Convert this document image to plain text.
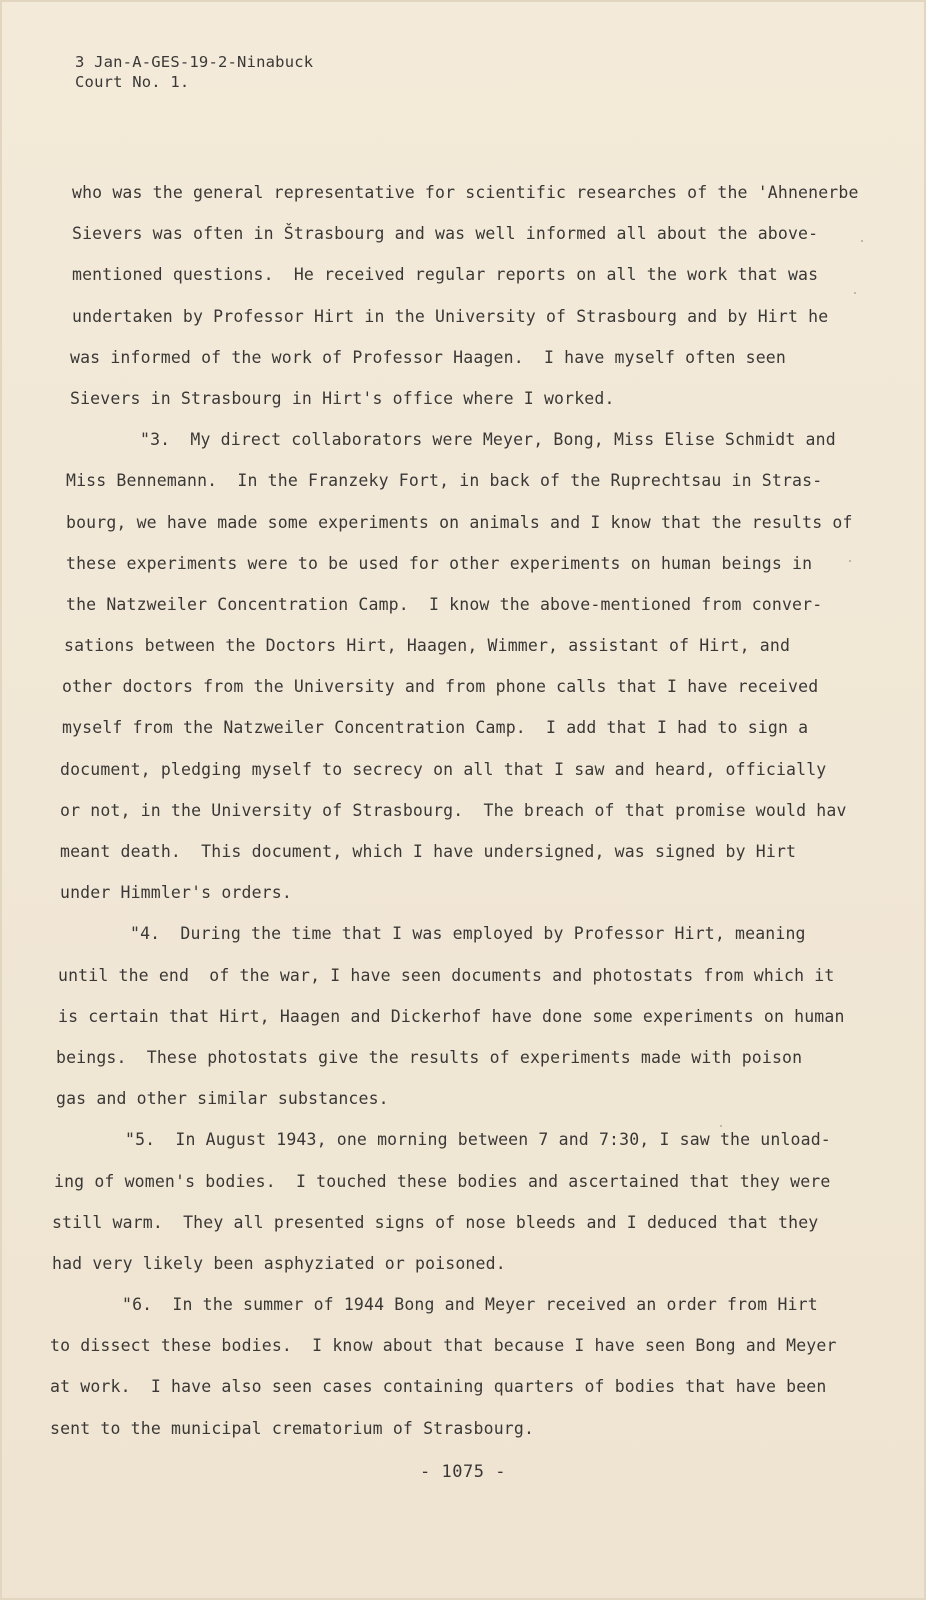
3 Jan-A-GES-19-2-Ninabuck
Court No. 1.
who was the general representative for scientific researches of the 'Ahnenerbe
Sievers was often in Štrasbourg and was well informed all about the above-
mentioned questions.  He received regular reports on all the work that was
undertaken by Professor Hirt in the University of Strasbourg and by Hirt he
was informed of the work of Professor Haagen.  I have myself often seen
Sievers in Strasbourg in Hirt's office where I worked.
"3.  My direct collaborators were Meyer, Bong, Miss Elise Schmidt and
Miss Bennemann.  In the Franzeky Fort, in back of the Ruprechtsau in Stras-
bourg, we have made some experiments on animals and I know that the results of
these experiments were to be used for other experiments on human beings in
the Natzweiler Concentration Camp.  I know the above-mentioned from conver-
sations between the Doctors Hirt, Haagen, Wimmer, assistant of Hirt, and
other doctors from the University and from phone calls that I have received
myself from the Natzweiler Concentration Camp.  I add that I had to sign a
document, pledging myself to secrecy on all that I saw and heard, officially
or not, in the University of Strasbourg.  The breach of that promise would hav
meant death.  This document, which I have undersigned, was signed by Hirt
under Himmler's orders.
"4.  During the time that I was employed by Professor Hirt, meaning
until the end  of the war, I have seen documents and photostats from which it
is certain that Hirt, Haagen and Dickerhof have done some experiments on human
beings.  These photostats give the results of experiments made with poison
gas and other similar substances.
"5.  In August 1943, one morning between 7 and 7:30, I saw the unload-
ing of women's bodies.  I touched these bodies and ascertained that they were
still warm.  They all presented signs of nose bleeds and I deduced that they
had very likely been asphyziated or poisoned.
"6.  In the summer of 1944 Bong and Meyer received an order from Hirt
to dissect these bodies.  I know about that because I have seen Bong and Meyer
at work.  I have also seen cases containing quarters of bodies that have been
sent to the municipal crematorium of Strasbourg.
- 1075 -
